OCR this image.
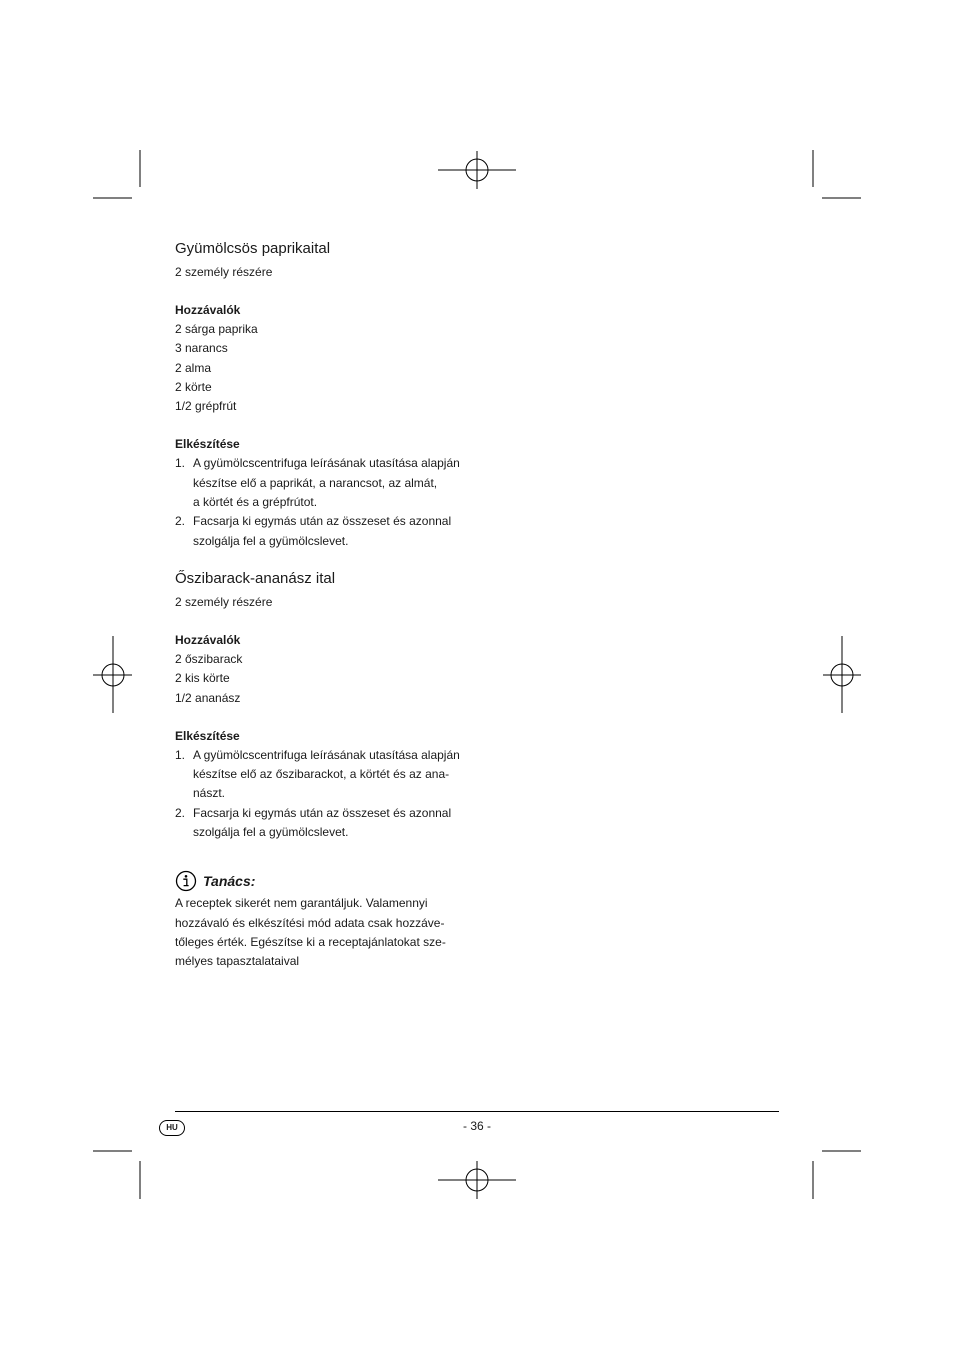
Gyümölcsös paprikaital

2 személy részére

Hozzávalók

2 sárga paprika
3 narancs
2 alma
2 körte
1/2 grépfrút

Elkészítése

1. A gyümölcscentrifuga leírásának utasítása alapján
készítse elő a paprikát, a narancsot, az almát,
a körtét és a grépfrútot.
2. Facsarja ki egymás után az összeset és azonnal
szolgálja fel a gyümölcslevet.
Őszibarack-ananász ital

2 személy részére

Hozzávalók

2 őszibarack
2 kis körte
1/2 ananász

Elkészítése

1. A gyümölcscentrifuga leírásának utasítása alapján
készítse elő az őszibarackot, a körtét és az ana-
nászt.
2. Facsarja ki egymás után az összeset és azonnal
szolgálja fel a gyümölcslevet.
Tanács:

A receptek sikerét nem garantáljuk. Valamennyi
hozzávaló és elkészítési mód adata csak hozzáve-
tőleges érték. Egészítse ki a receptajánlatokat sze-
mélyes tapasztalataival

HU	- 36 -
